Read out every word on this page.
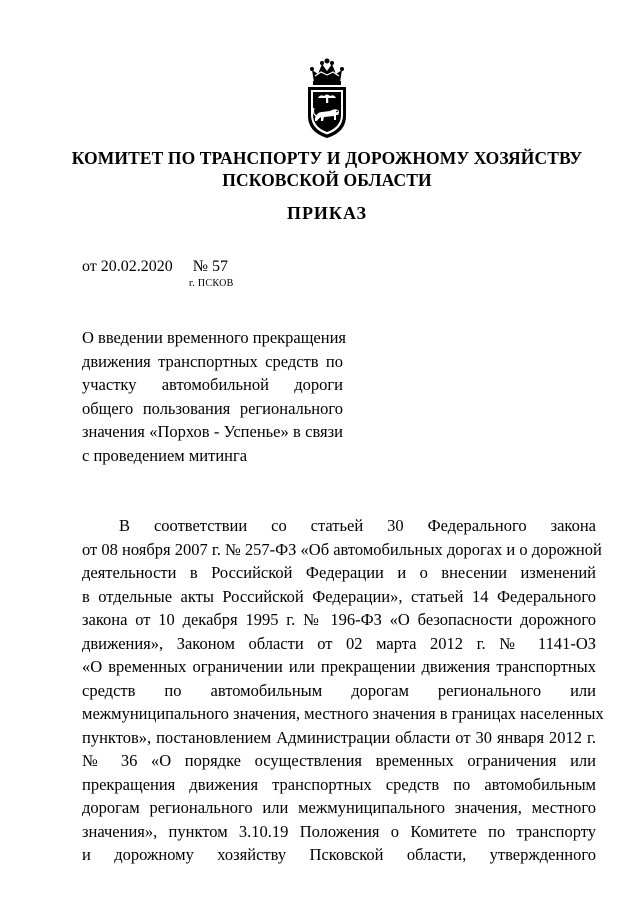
КОМИТЕТ ПО ТРАНСПОРТУ И ДОРОЖНОМУ ХОЗЯЙСТВУ
ПСКОВСКОЙ ОБЛАСТИ
ПРИКАЗ
от 20.02.2020 № 57
г. ПСКОВ
О введении временного прекращения
движения транспортных средств по
участку автомобильной дороги
общего пользования регионального
значения «Порхов - Успенье» в связи
с проведением митинга
В соответствии со статьей 30 Федерального закона
от 08 ноября 2007 г. № 257-ФЗ «Об автомобильных дорогах и о дорожной
деятельности в Российской Федерации и о внесении изменений
в отдельные акты Российской Федерации», статьей 14 Федерального
закона от 10 декабря 1995 г. № 196-ФЗ «О безопасности дорожного
движения», Законом области от 02 марта 2012 г. № 1141-ОЗ
«О временных ограничении или прекращении движения транспортных
средств по автомобильным дорогам регионального или
межмуниципального значения, местного значения в границах населенных
пунктов», постановлением Администрации области от 30 января 2012 г.
№ 36 «О порядке осуществления временных ограничения или
прекращения движения транспортных средств по автомобильным
дорогам регионального или межмуниципального значения, местного
значения», пунктом 3.10.19 Положения о Комитете по транспорту
и дорожному хозяйству Псковской области, утвержденного
